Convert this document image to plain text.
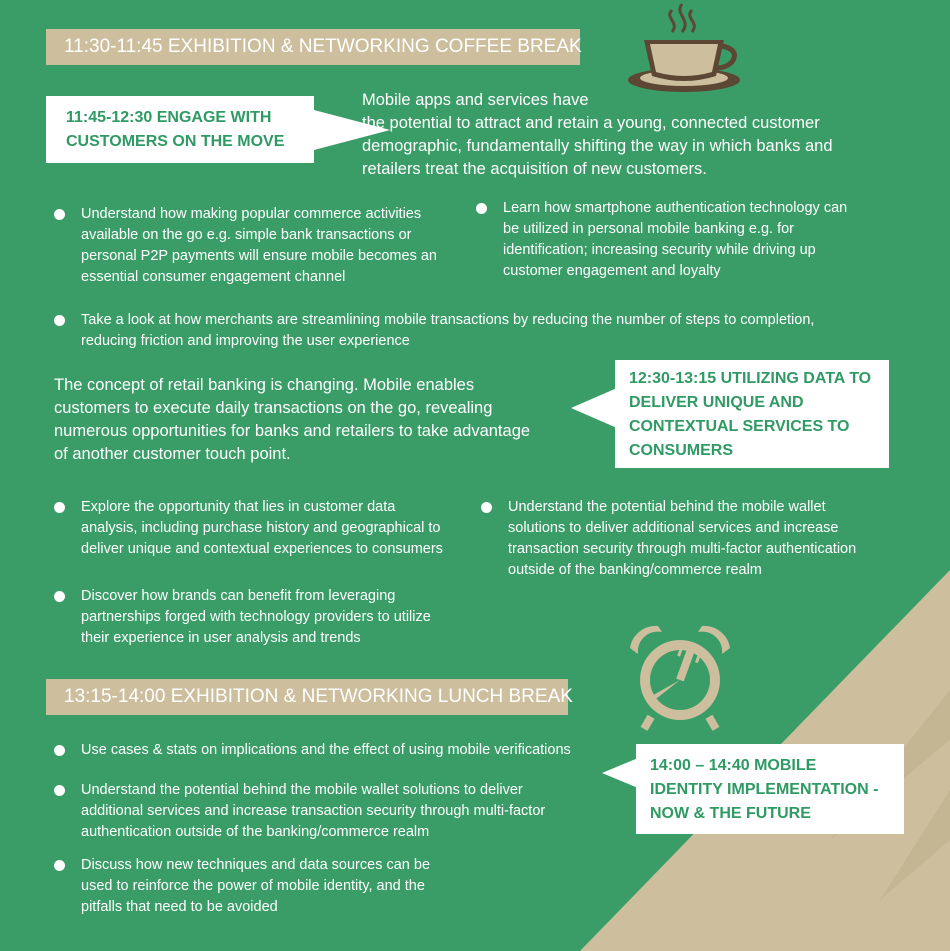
11:30-11:45 EXHIBITION & NETWORKING COFFEE BREAK
11:45-12:30 ENGAGE WITH
CUSTOMERS ON THE MOVE
Mobile apps and services have
the potential to attract and retain a young, connected customer
demographic, fundamentally shifting the way in which banks and
retailers treat the acquisition of new customers.
Understand how making popular commerce activities
available on the go e.g. simple bank transactions or
personal P2P payments will ensure mobile becomes an
essential consumer engagement channel
Learn how smartphone authentication technology can
be utilized in personal mobile banking e.g. for
identification; increasing security while driving up
customer engagement and loyalty
Take a look at how merchants are streamlining mobile transactions by reducing the number of steps to completion,
reducing friction and improving the user experience
The concept of retail banking is changing. Mobile enables
customers to execute daily transactions on the go, revealing
numerous opportunities for banks and retailers to take advantage
of another customer touch point.
12:30-13:15 UTILIZING DATA TO
DELIVER UNIQUE AND
CONTEXTUAL SERVICES TO
CONSUMERS
Explore the opportunity that lies in customer data
analysis, including purchase history and geographical to
deliver unique and contextual experiences to consumers
Understand the potential behind the mobile wallet
solutions to deliver additional services and increase
transaction security through multi-factor authentication
outside of the banking/commerce realm
Discover how brands can benefit from leveraging
partnerships forged with technology providers to utilize
their experience in user analysis and trends
13:15-14:00 EXHIBITION & NETWORKING LUNCH BREAK
Use cases & stats on implications and the effect of using mobile verifications
Understand the potential behind the mobile wallet solutions to deliver
additional services and increase transaction security through multi-factor
authentication outside of the banking/commerce realm
Discuss how new techniques and data sources can be
used to reinforce the power of mobile identity, and the
pitfalls that need to be avoided
14:00 – 14:40 MOBILE
IDENTITY IMPLEMENTATION -
NOW & THE FUTURE
